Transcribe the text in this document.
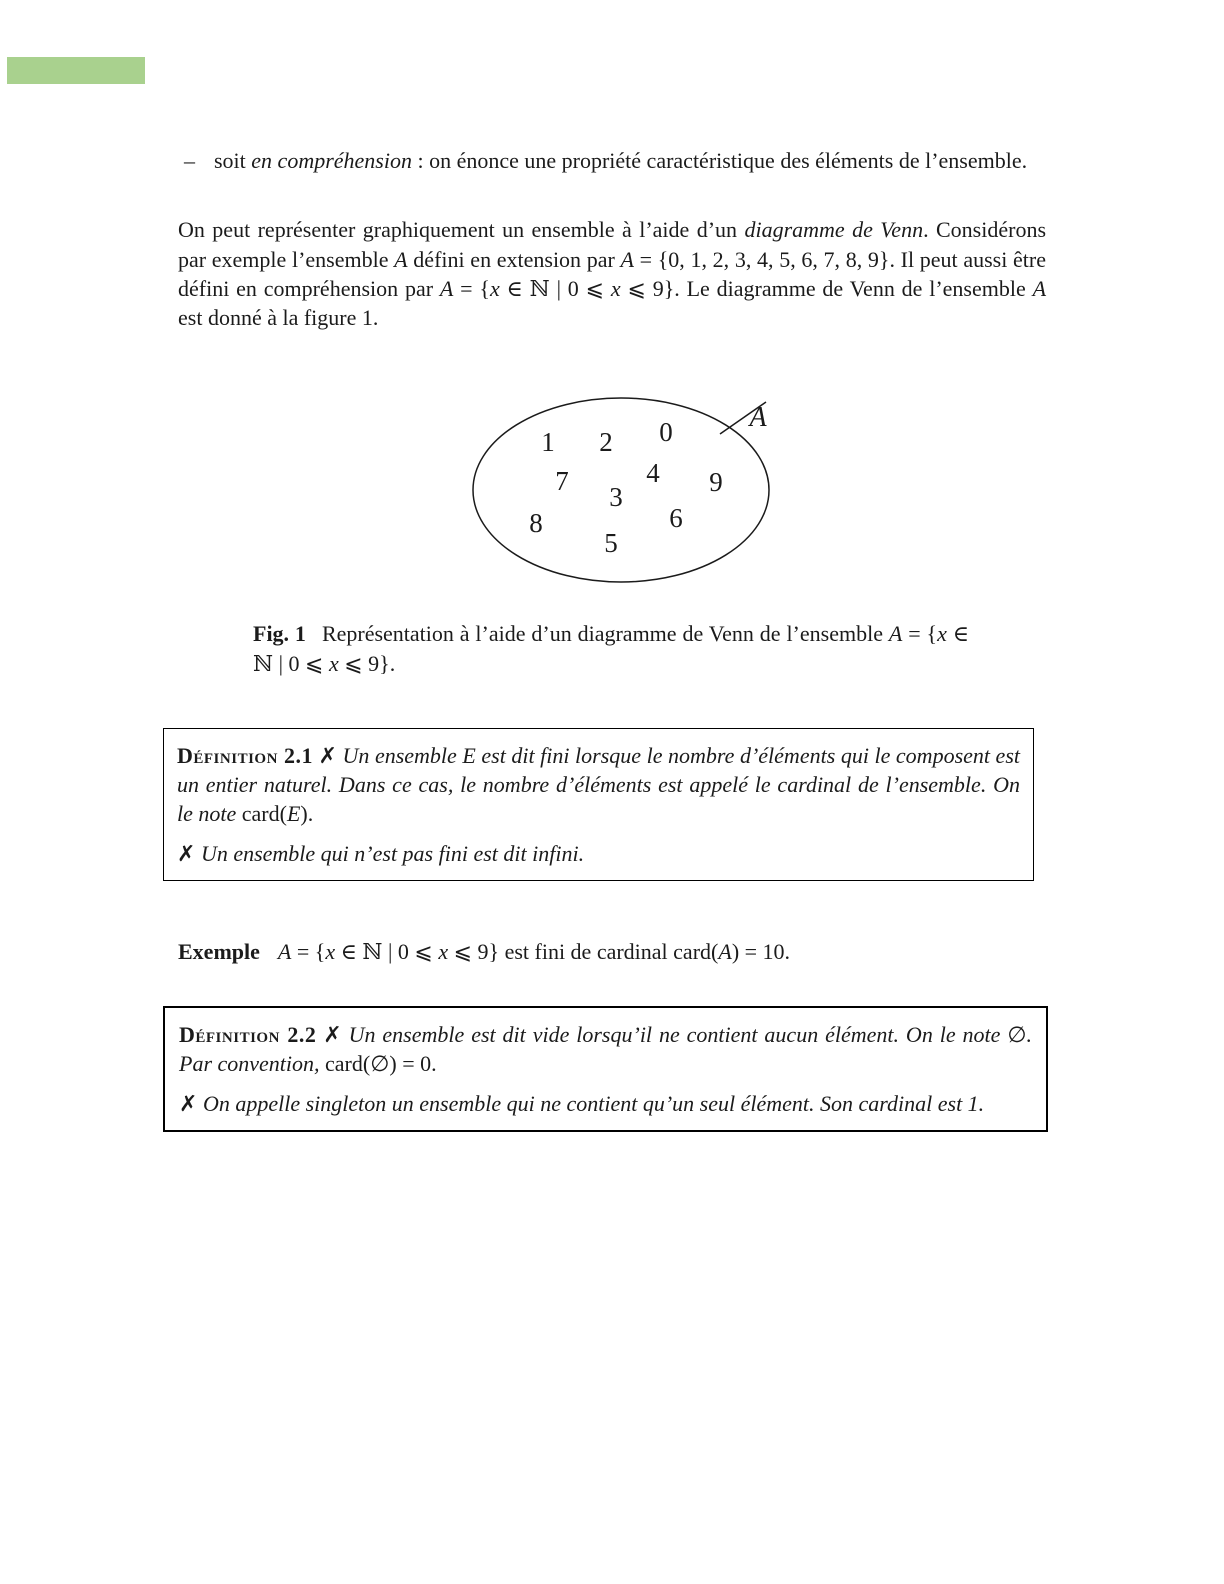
– soit en compréhension : on énonce une propriété caractéristique des éléments de l’ensemble.

On peut représenter graphiquement un ensemble à l’aide d’un diagramme de Venn. Considérons par exemple l’ensemble A défini en extension par A = {0, 1, 2, 3, 4, 5, 6, 7, 8, 9}. Il peut aussi être défini en compréhension par A = {x ∈ ℕ | 0 ⩽ x ⩽ 9}. Le diagramme de Venn de l’ensemble A est donné à la figure 1.

1 2 0
7	4 9
3
8	6
5
A
Fig. 1 Représentation à l’aide d’un diagramme de Venn de l’ensemble A = {x ∈ ℕ | 0 ⩽ x ⩽ 9}.

Définition 2.1 ✗ Un ensemble E est dit fini lorsque le nombre d’éléments qui le composent est un entier naturel. Dans ce cas, le nombre d’éléments est appelé le cardinal de l’ensemble. On le note card(E).

✗ Un ensemble qui n’est pas fini est dit infini.

Exemple A = {x ∈ ℕ | 0 ⩽ x ⩽ 9} est fini de cardinal card(A) = 10.

Définition 2.2 ✗ Un ensemble est dit vide lorsqu’il ne contient aucun élément. On le note ∅. Par convention, card(∅) = 0.

✗ On appelle singleton un ensemble qui ne contient qu’un seul élément. Son cardinal est 1.
